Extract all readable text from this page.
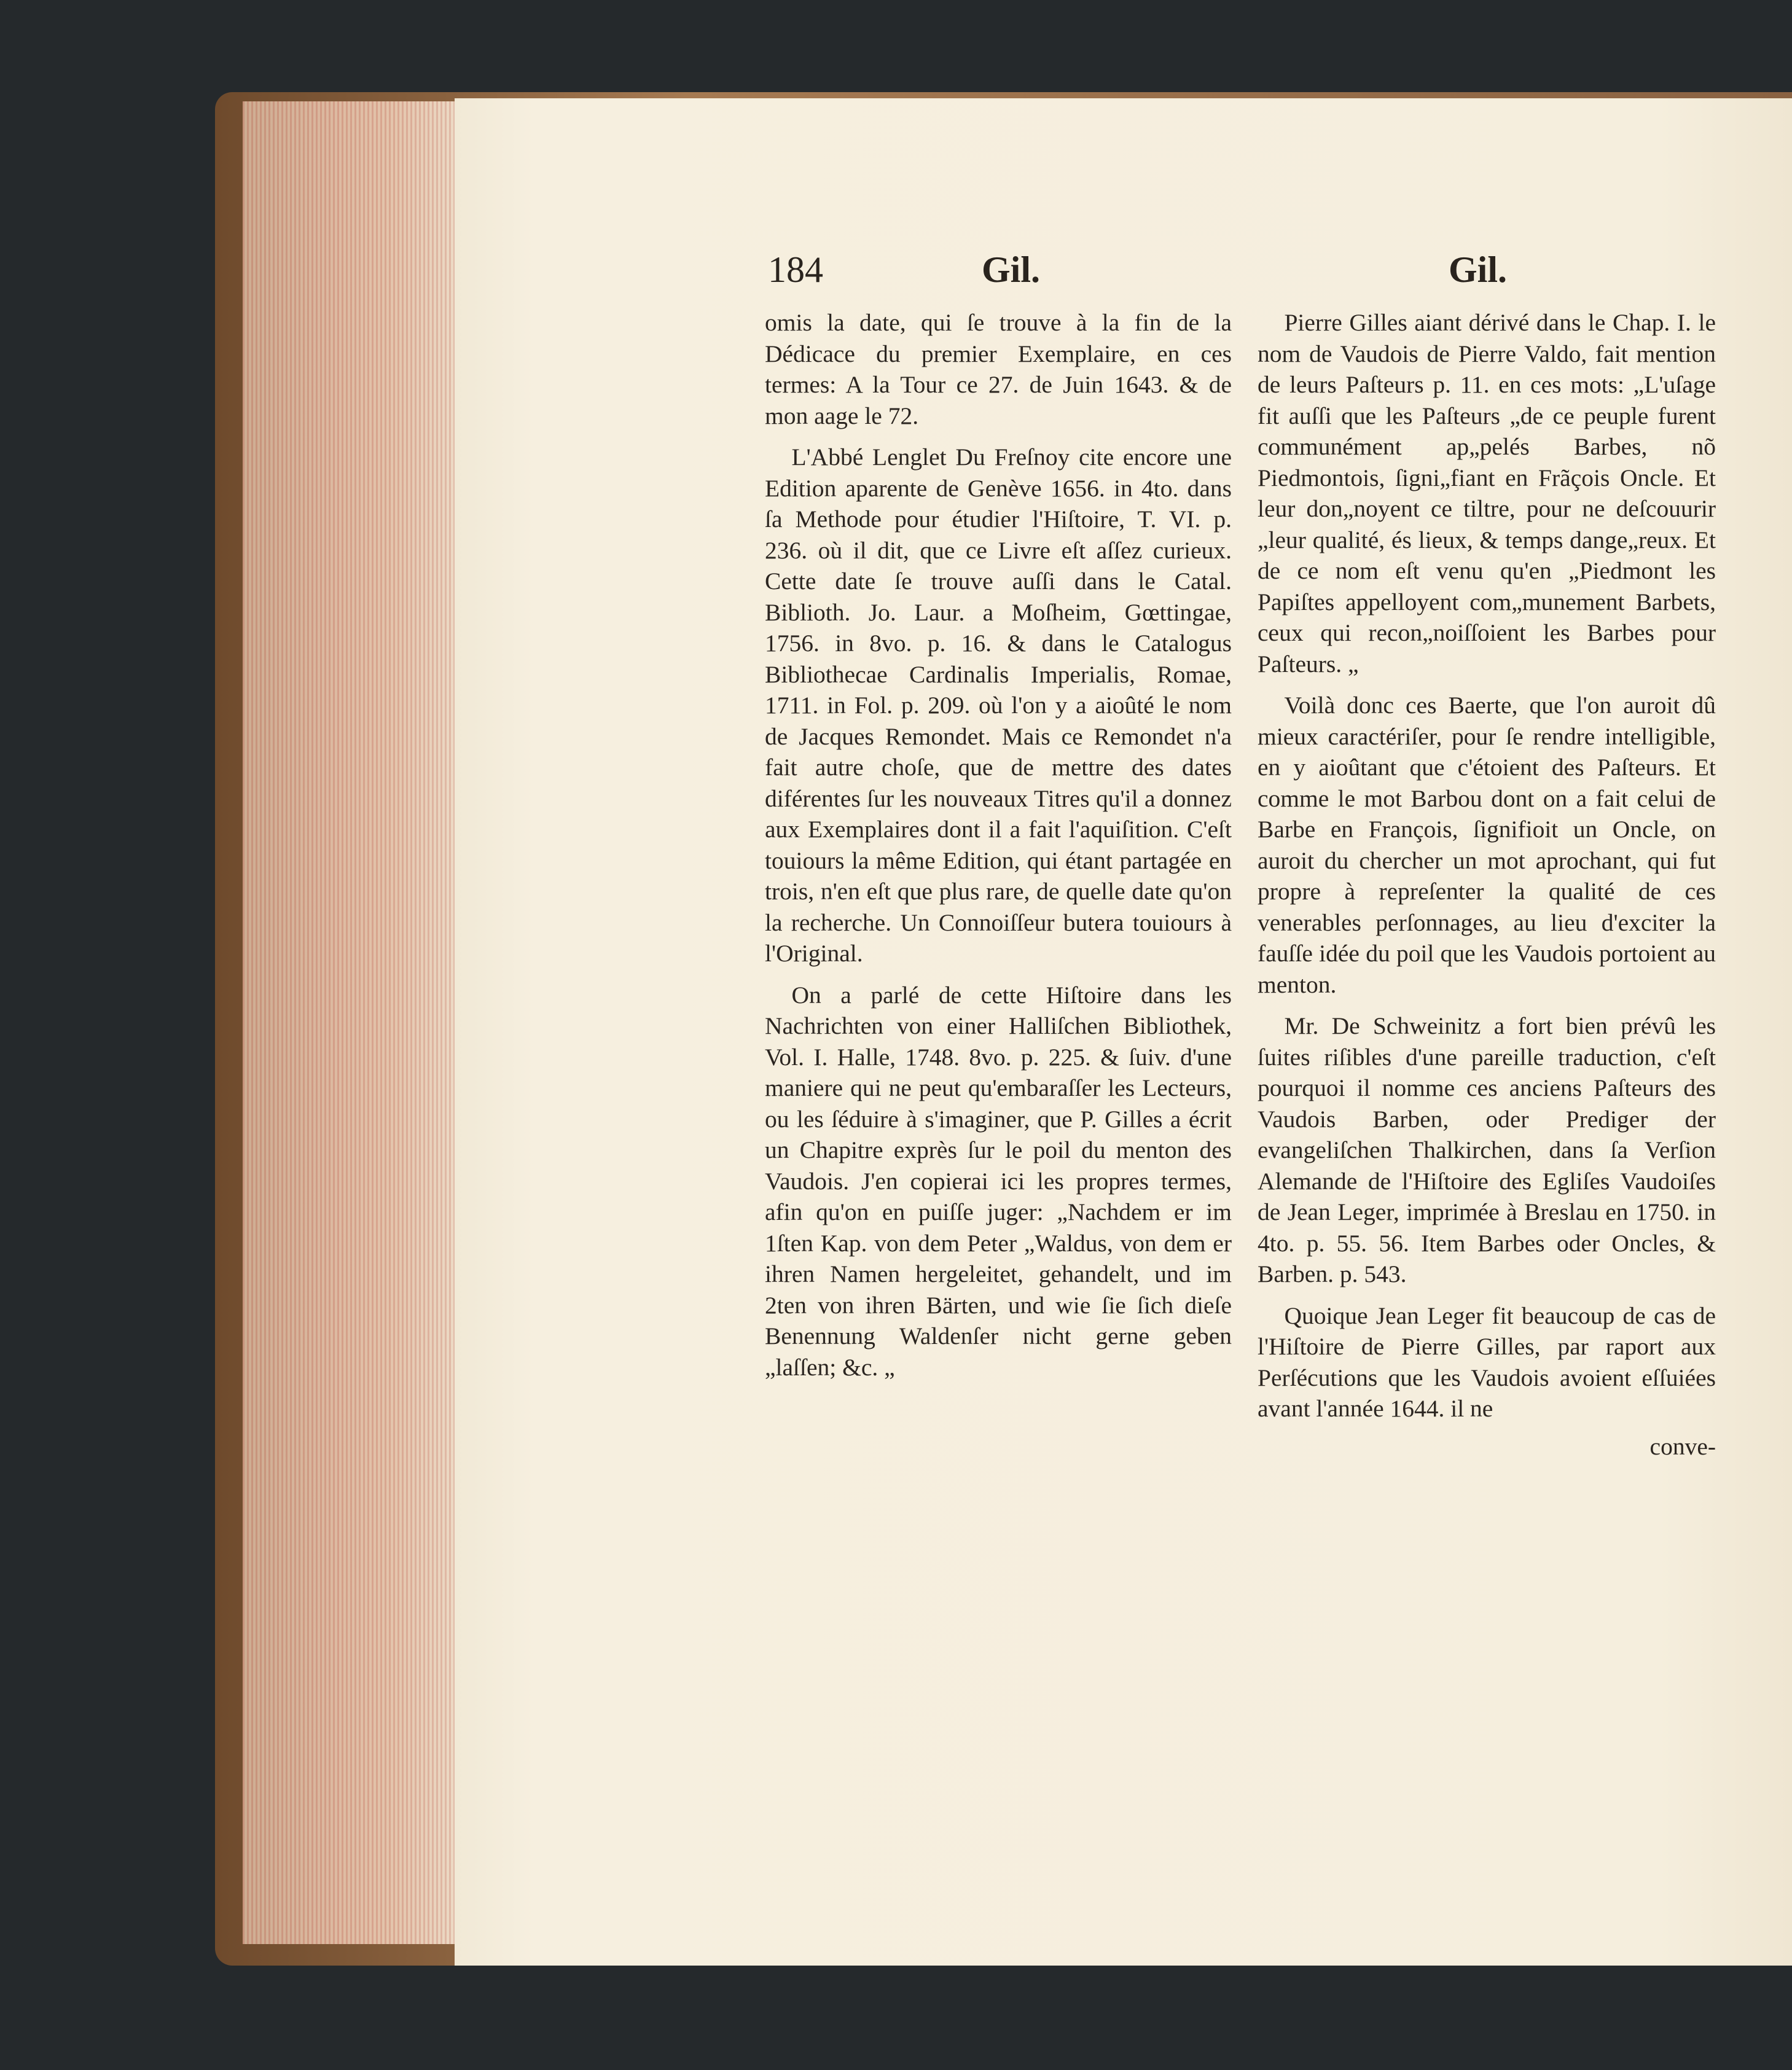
184	Gil.	Gil.

omis la date, qui ſe trouve à la fin de la Dédicace du premier Exemplaire, en ces termes: A la Tour ce 27. de Juin 1643. & de mon aage le 72.

L'Abbé Lenglet Du Freſnoy cite encore une Edition aparente de Genève 1656. in 4to. dans ſa Methode pour étudier l'Hiſtoire, T. VI. p. 236. où il dit, que ce Livre eſt aſſez curieux. Cette date ſe trouve auſſi dans le Catal. Biblioth. Jo. Laur. a Moſheim, Gœttingae, 1756. in 8vo. p. 16. & dans le Catalogus Bibliothecae Cardinalis Imperialis, Romae, 1711. in Fol. p. 209. où l'on y a aioûté le nom de Jacques Remondet. Mais ce Remondet n'a fait autre choſe, que de mettre des dates diférentes ſur les nouveaux Titres qu'il a donnez aux Exemplaires dont il a fait l'aquiſition. C'eſt touiours la même Edition, qui étant partagée en trois, n'en eſt que plus rare, de quelle date qu'on la recherche. Un Connoiſſeur butera touiours à l'Original.

On a parlé de cette Hiſtoire dans les Nachrichten von einer Halliſchen Bibliothek, Vol. I. Halle, 1748. 8vo. p. 225. & ſuiv. d'une maniere qui ne peut qu'embaraſſer les Lecteurs, ou les ſéduire à s'imaginer, que P. Gilles a écrit un Chapitre exprès ſur le poil du menton des Vaudois. J'en copierai ici les propres termes, afin qu'on en puiſſe juger: „Nachdem er im 1ſten Kap. von dem Peter „Waldus, von dem er ihren Namen hergeleitet, gehandelt, und im 2ten von ihren Bärten, und wie ſie ſich dieſe Benennung Waldenſer nicht gerne geben „laſſen; &c. „

Pierre Gilles aiant dérivé dans le Chap. I. le nom de Vaudois de Pierre Valdo, fait mention de leurs Paſteurs p. 11. en ces mots: „L'uſage fit auſſi que les Paſteurs „de ce peuple furent communément ap„pelés Barbes, nõ Piedmontois, ſigni„fiant en Frãçois Oncle. Et leur don„noyent ce tiltre, pour ne deſcouurir „leur qualité, és lieux, & temps dange„reux. Et de ce nom eſt venu qu'en „Piedmont les Papiſtes appelloyent com„munement Barbets, ceux qui recon„noiſſoient les Barbes pour Paſteurs. „

Voilà donc ces Baerte, que l'on auroit dû mieux caractériſer, pour ſe rendre intelligible, en y aioûtant que c'étoient des Paſteurs. Et comme le mot Barbou dont on a fait celui de Barbe en François, ſignifioit un Oncle, on auroit du chercher un mot aprochant, qui fut propre à repreſenter la qualité de ces venerables perſonnages, au lieu d'exciter la fauſſe idée du poil que les Vaudois portoient au menton.

Mr. De Schweinitz a fort bien prévû les ſuites riſibles d'une pareille traduction, c'eſt pourquoi il nomme ces anciens Paſteurs des Vaudois Barben, oder Prediger der evangeliſchen Thalkirchen, dans ſa Verſion Alemande de l'Hiſtoire des Egliſes Vaudoiſes de Jean Leger, imprimée à Breslau en 1750. in 4to. p. 55. 56. Item Barbes oder Oncles, & Barben. p. 543.

Quoique Jean Leger fit beaucoup de cas de l'Hiſtoire de Pierre Gilles, par raport aux Perſécutions que les Vaudois avoient eſſuiées avant l'année 1644. il ne

conve-
